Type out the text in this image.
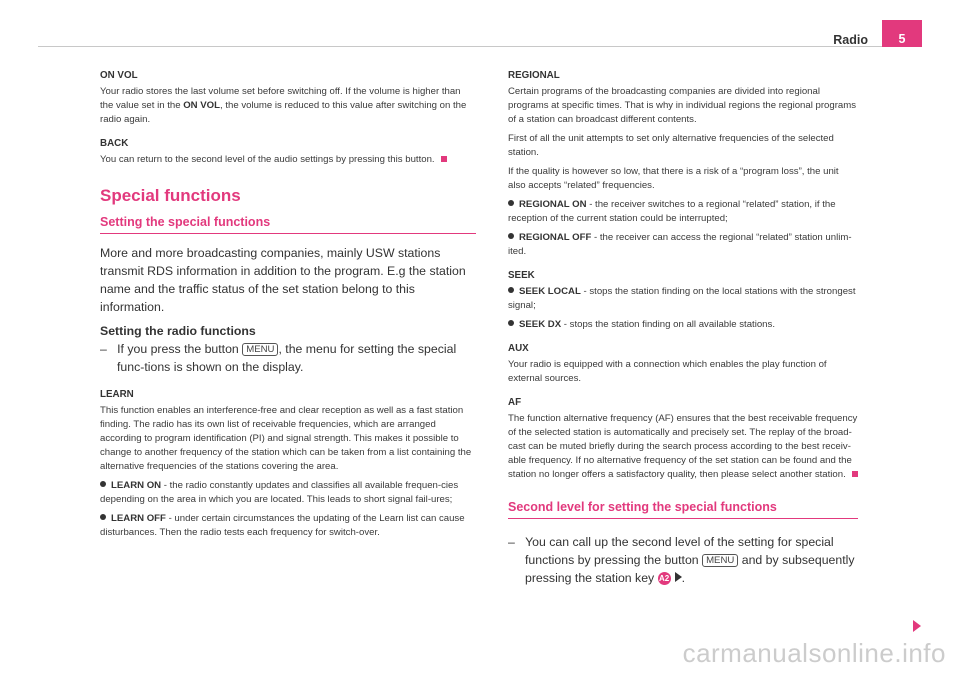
Radio	5
ON VOL

Your radio stores the last volume set before switching off. If the volume is higher than the value set in the ON VOL, the volume is reduced to this value after switching on the radio again.

BACK

You can return to the second level of the audio settings by pressing this button.

Special functions
Setting the special functions

More and more broadcasting companies, mainly USW stations transmit RDS information in addition to the program. E.g the station name and the traffic status of the set station belong to this information.

Setting the radio functions

– If you press the button MENU , the menu for setting the special func-tions is shown on the display.

LEARN

This function enables an interference-free and clear reception as well as a fast station finding. The radio has its own list of receivable frequencies, which are arranged according to program identification (PI) and signal strength. This makes it possible to change to another frequency of the station which can be taken from a list containing the alternative frequencies of the stations covering the area.

LEARN ON - the radio constantly updates and classifies all available frequen-cies depending on the area in which you are located. This leads to short signal fail-ures;

LEARN OFF - under certain circumstances the updating of the Learn list can cause disturbances. Then the radio tests each frequency for switch-over.

REGIONAL

Certain programs of the broadcasting companies are divided into regional programs at specific times. That is why in individual regions the regional programs of a station can broadcast different contents.

First of all the unit attempts to set only alternative frequencies of the selected station.

If the quality is however so low, that there is a risk of a “program loss”, the unit also accepts “related” frequencies.

REGIONAL ON - the receiver switches to a regional “related” station, if the reception of the current station could be interrupted;

REGIONAL OFF - the receiver can access the regional “related” station unlim-ited.

SEEK

SEEK LOCAL - stops the station finding on the local stations with the strongest signal;

SEEK DX - stops the station finding on all available stations.

AUX

Your radio is equipped with a connection which enables the play function of external sources.

AF

The function alternative frequency (AF) ensures that the best receivable frequency of the selected station is automatically and precisely set. The replay of the broad-cast can be muted briefly during the search process according to the best receiv-able frequency. If no alternative frequency of the set station can be found and the station no longer offers a satisfactory quality, then please select another station.

Second level for setting the special functions

– You can call up the second level of the setting for special functions by pressing the button MENU and by subsequently pressing the station key A2 .

carmanualsonline.info
